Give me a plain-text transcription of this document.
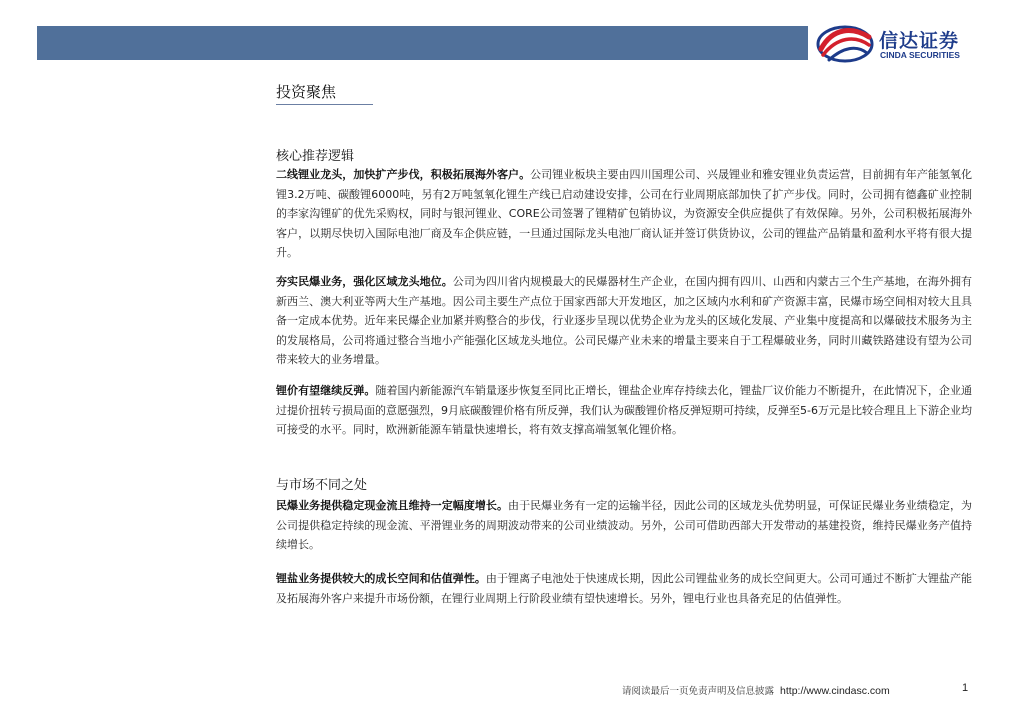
信达证券
CINDA SECURITIES
投资聚焦
核心推荐逻辑
二线锂业龙头，加快扩产步伐，积极拓展海外客户。公司锂业板块主要由四川国理公司、兴晟锂业和雅安锂业负责运营，目前拥有年产能氢氧化锂3.2万吨、碳酸锂6000吨，另有2万吨氢氧化锂生产线已启动建设安排，公司在行业周期底部加快了扩产步伐。同时，公司拥有德鑫矿业控制的李家沟锂矿的优先采购权，同时与银河锂业、CORE公司签署了锂精矿包销协议，为资源安全供应提供了有效保障。另外，公司积极拓展海外客户，以期尽快切入国际电池厂商及车企供应链，一旦通过国际龙头电池厂商认证并签订供货协议，公司的锂盐产品销量和盈利水平将有很大提升。
夯实民爆业务，强化区域龙头地位。公司为四川省内规模最大的民爆器材生产企业，在国内拥有四川、山西和内蒙古三个生产基地，在海外拥有新西兰、澳大利亚等两大生产基地。因公司主要生产点位于国家西部大开发地区，加之区域内水利和矿产资源丰富，民爆市场空间相对较大且具备一定成本优势。近年来民爆企业加紧并购整合的步伐，行业逐步呈现以优势企业为龙头的区域化发展、产业集中度提高和以爆破技术服务为主的发展格局，公司将通过整合当地小产能强化区域龙头地位。公司民爆产业未来的增量主要来自于工程爆破业务，同时川藏铁路建设有望为公司带来较大的业务增量。
锂价有望继续反弹。随着国内新能源汽车销量逐步恢复至同比正增长，锂盐企业库存持续去化，锂盐厂议价能力不断提升，在此情况下，企业通过提价扭转亏损局面的意愿强烈，9月底碳酸锂价格有所反弹，我们认为碳酸锂价格反弹短期可持续，反弹至5-6万元是比较合理且上下游企业均可接受的水平。同时，欧洲新能源车销量快速增长，将有效支撑高端氢氧化锂价格。
与市场不同之处
民爆业务提供稳定现金流且维持一定幅度增长。由于民爆业务有一定的运输半径，因此公司的区域龙头优势明显，可保证民爆业务业绩稳定，为公司提供稳定持续的现金流、平滑锂业务的周期波动带来的公司业绩波动。另外，公司可借助西部大开发带动的基建投资，维持民爆业务产值持续增长。
锂盐业务提供较大的成长空间和估值弹性。由于锂离子电池处于快速成长期，因此公司锂盐业务的成长空间更大。公司可通过不断扩大锂盐产能及拓展海外客户来提升市场份额，在锂行业周期上行阶段业绩有望快速增长。另外，锂电行业也具备充足的估值弹性。
请阅读最后一页免责声明及信息披露 http://www.cindasc.com	1
